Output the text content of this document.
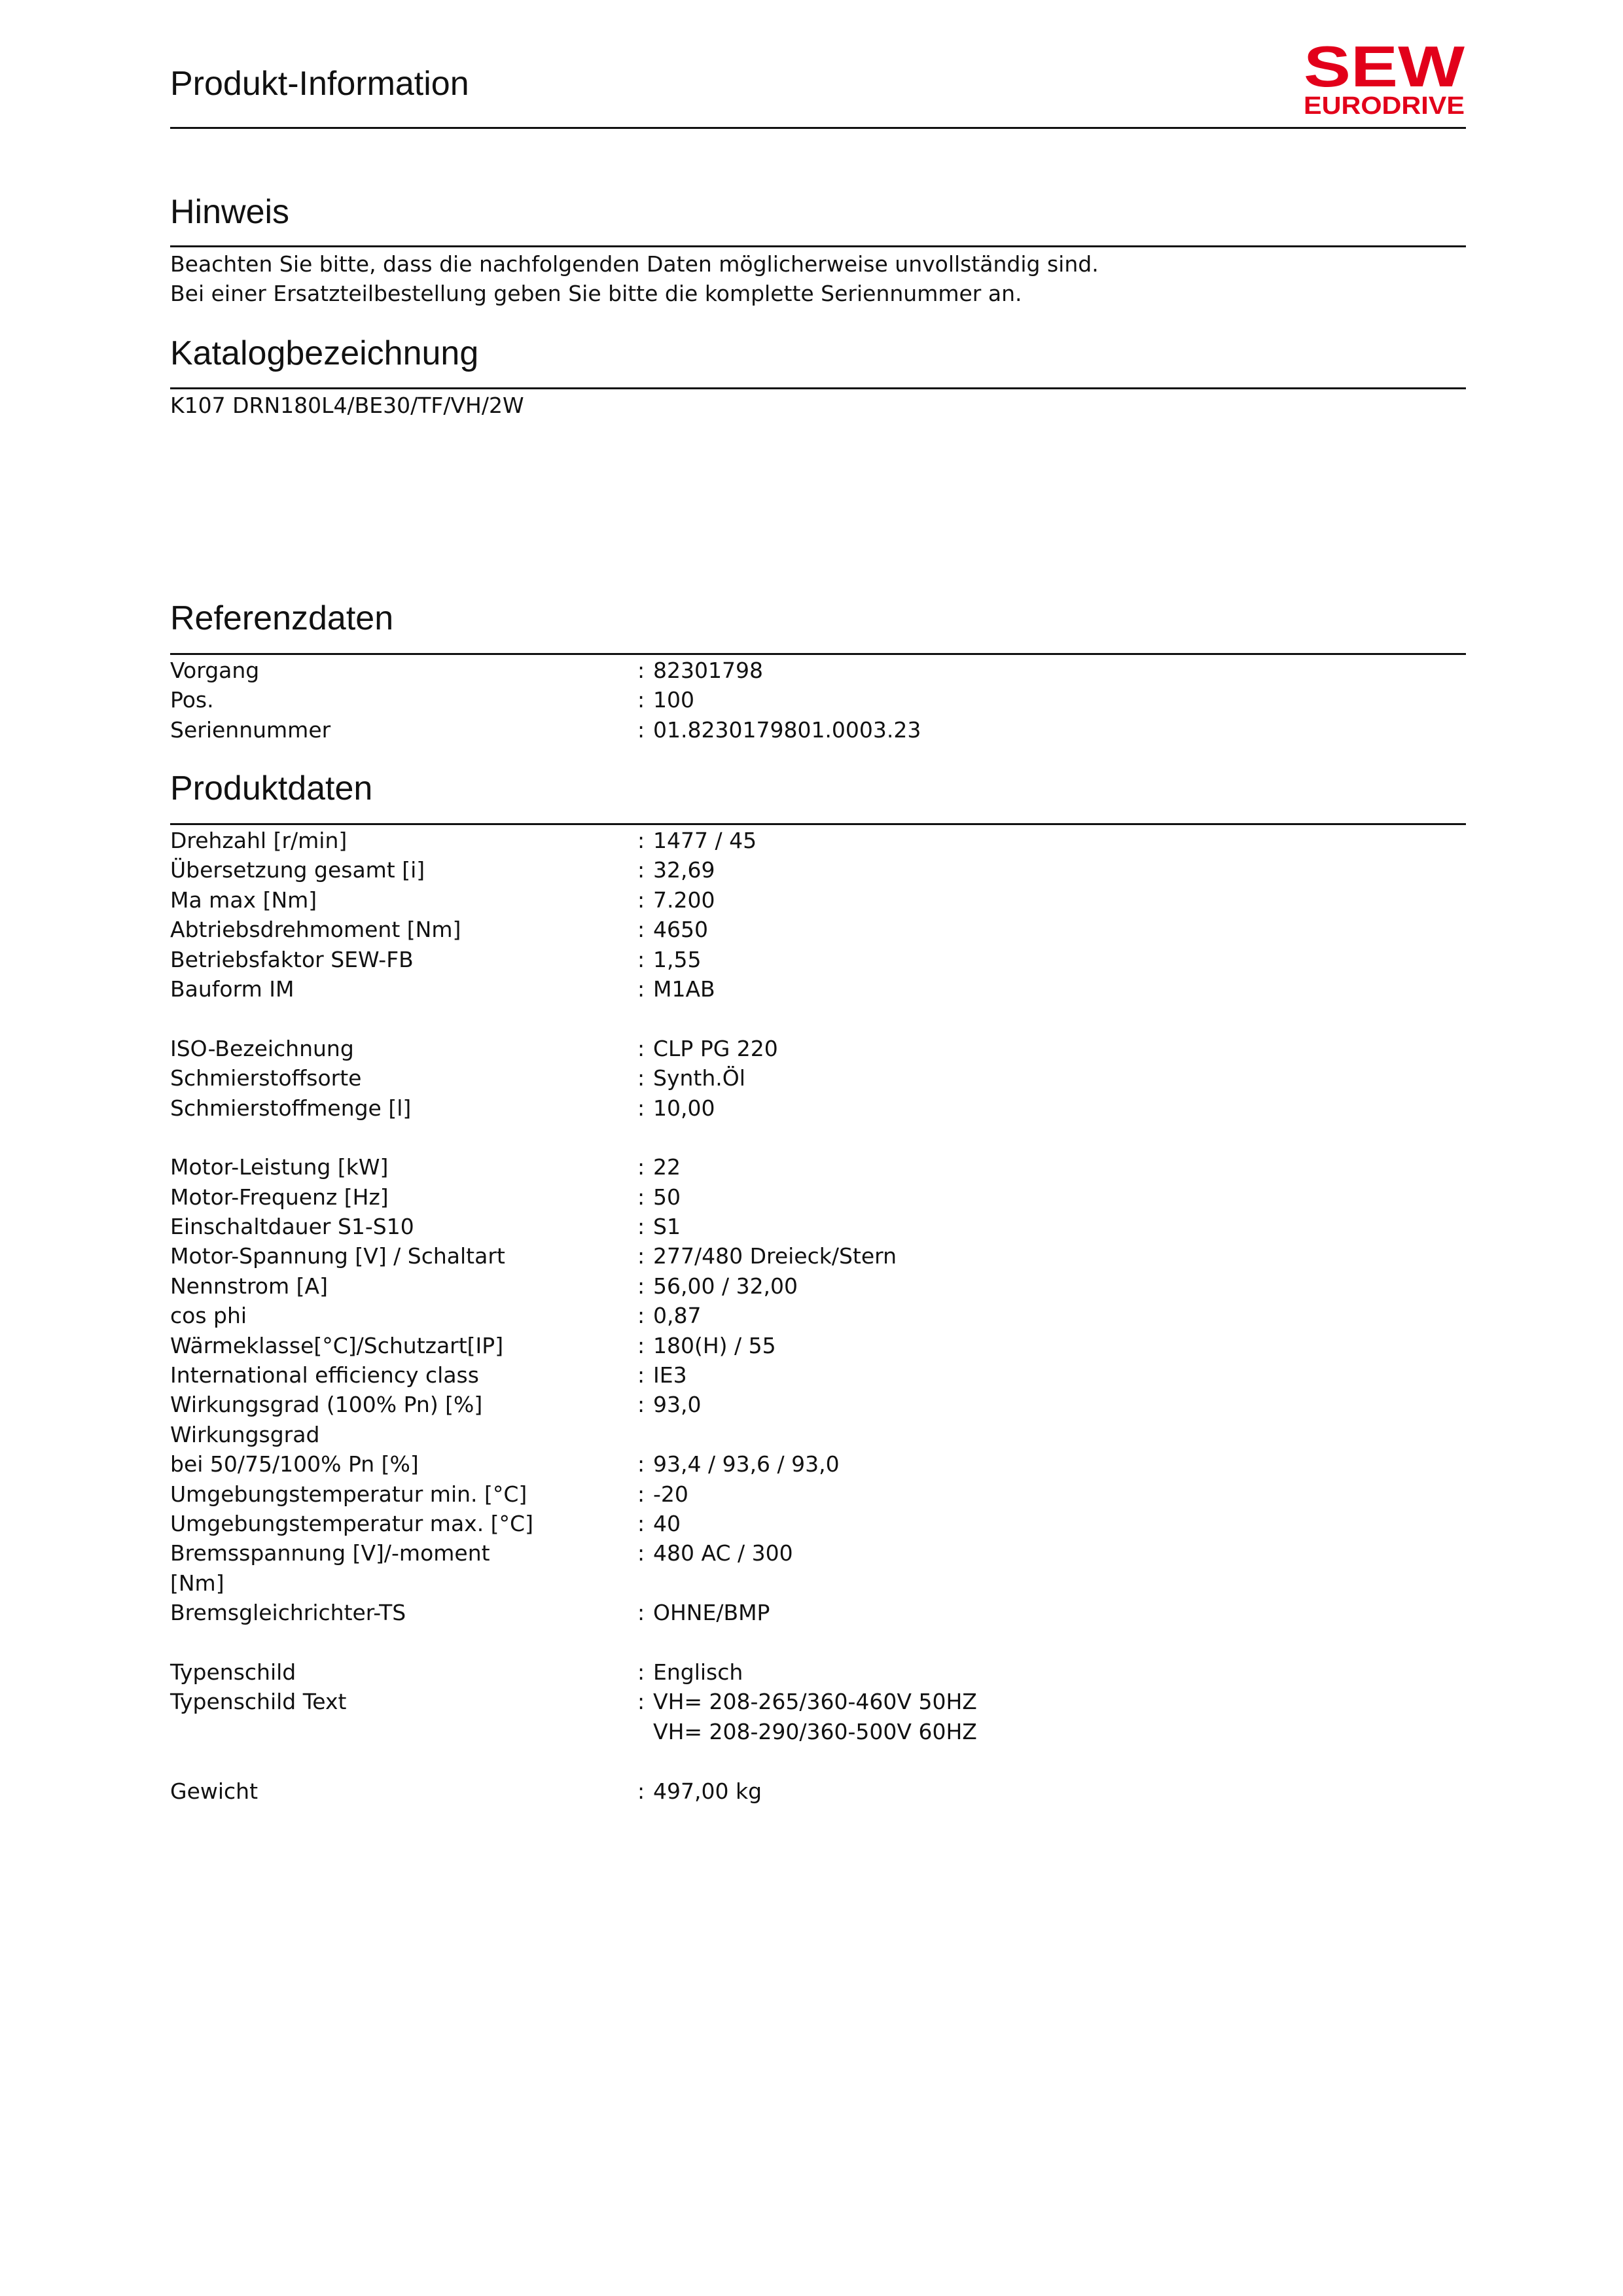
Produkt-Information	SEW
EURODRIVE
Hinweis
Beachten Sie bitte, dass die nachfolgenden Daten möglicherweise unvollständig sind.
Bei einer Ersatzteilbestellung geben Sie bitte die komplette Seriennummer an.
Katalogbezeichnung
K107 DRN180L4/BE30/TF/VH/2W
Referenzdaten
Vorgang	: 82301798
Pos.	: 100
Seriennummer	: 01.8230179801.0003.23
Produktdaten
Drehzahl [r/min]	: 1477 / 45
Übersetzung gesamt [i]	: 32,69
Ma max [Nm]	: 7.200
Abtriebsdrehmoment [Nm]	: 4650
Betriebsfaktor SEW-FB	: 1,55
Bauform IM	: M1AB
ISO-Bezeichnung	: CLP PG 220
Schmierstoffsorte	: Synth.Öl
Schmierstoffmenge [l]	: 10,00
Motor-Leistung [kW]	: 22
Motor-Frequenz [Hz]	: 50
Einschaltdauer S1-S10	: S1
Motor-Spannung [V] / Schaltart	: 277/480 Dreieck/Stern
Nennstrom [A]	: 56,00 / 32,00
cos phi	: 0,87
Wärmeklasse[°C]/Schutzart[IP]	: 180(H) / 55
International efficiency class	: IE3
Wirkungsgrad (100% Pn) [%]	: 93,0
Wirkungsgrad
bei 50/75/100% Pn [%]	: 93,4 / 93,6 / 93,0
Umgebungstemperatur min. [°C]	: -20
Umgebungstemperatur max. [°C]	: 40
Bremsspannung [V]/-moment	: 480 AC / 300
[Nm]
Bremsgleichrichter-TS	: OHNE/BMP
Typenschild	: Englisch
Typenschild Text	: VH= 208-265/360-460V 50HZ
VH= 208-290/360-500V 60HZ
Gewicht	: 497,00 kg
